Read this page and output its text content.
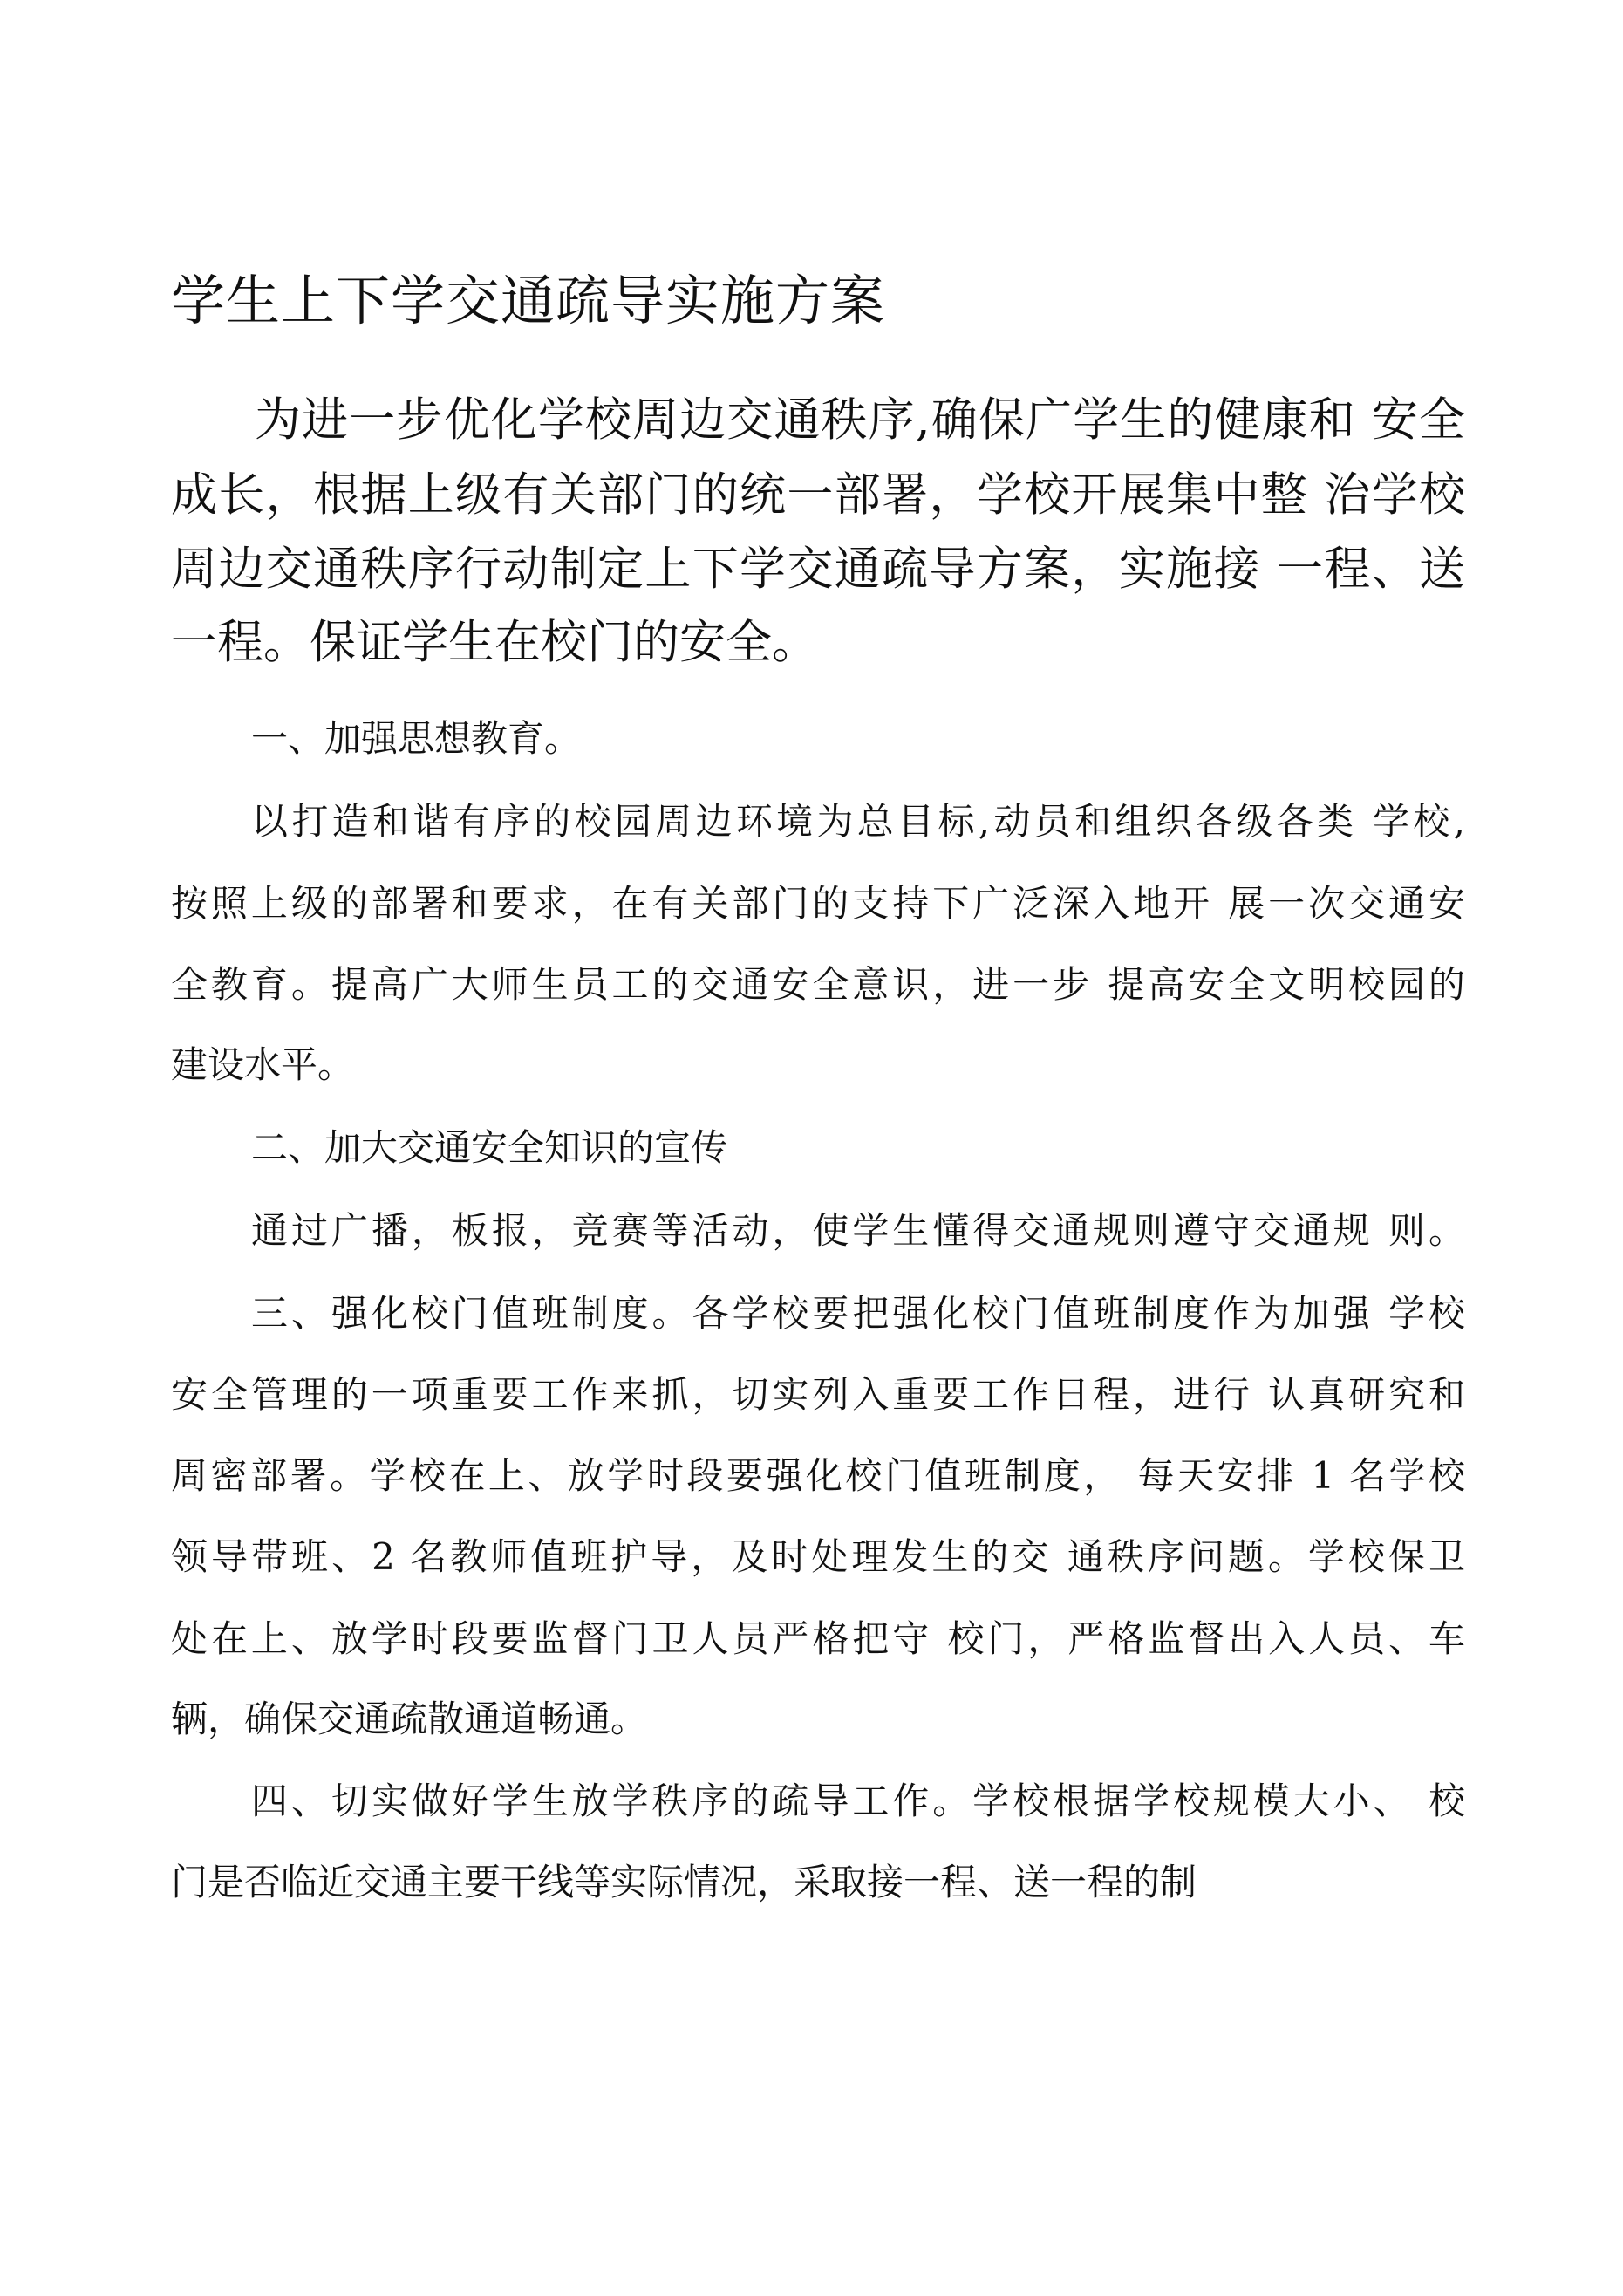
学生上下学交通疏导实施方案
为进一步优化学校周边交通秩序,确保广学生的健康和 安全
成长，根据上级有关部门的统一部署，学校开展集中整 治学校
周边交通秩序行动制定上下学交通疏导方案，实施接 一程、送
一程。保证学生在校门的安全。
一、加强思想教育。
以打造和谐有序的校园周边环境为总目标,动员和组织各级各类 学校,
按照上级的部署和要求，在有关部门的支持下广泛深入地开 展一次交通安
全教育。提高广大师生员工的交通安全意识，进一步 提高安全文明校园的
建设水平。
二、加大交通安全知识的宣传
通过广播，板报，竞赛等活动，使学生懂得交通规则遵守交通规 则。
三、强化校门值班制度。各学校要把强化校门值班制度作为加强 学校
安全管理的一项重要工作来抓，切实列入重要工作日程，进行 认真研究和
周密部署。学校在上、放学时段要强化校门值班制度， 每天安排 1 名学校
领导带班、2 名教师值班护导，及时处理发生的交 通秩序问题。学校保卫
处在上、放学时段要监督门卫人员严格把守 校门，严格监督出入人员、车
辆，确保交通疏散通道畅通。
四、切实做好学生放学秩序的疏导工作。学校根据学校规模大小、 校
门是否临近交通主要干线等实际情况，采取接一程、送一程的制
